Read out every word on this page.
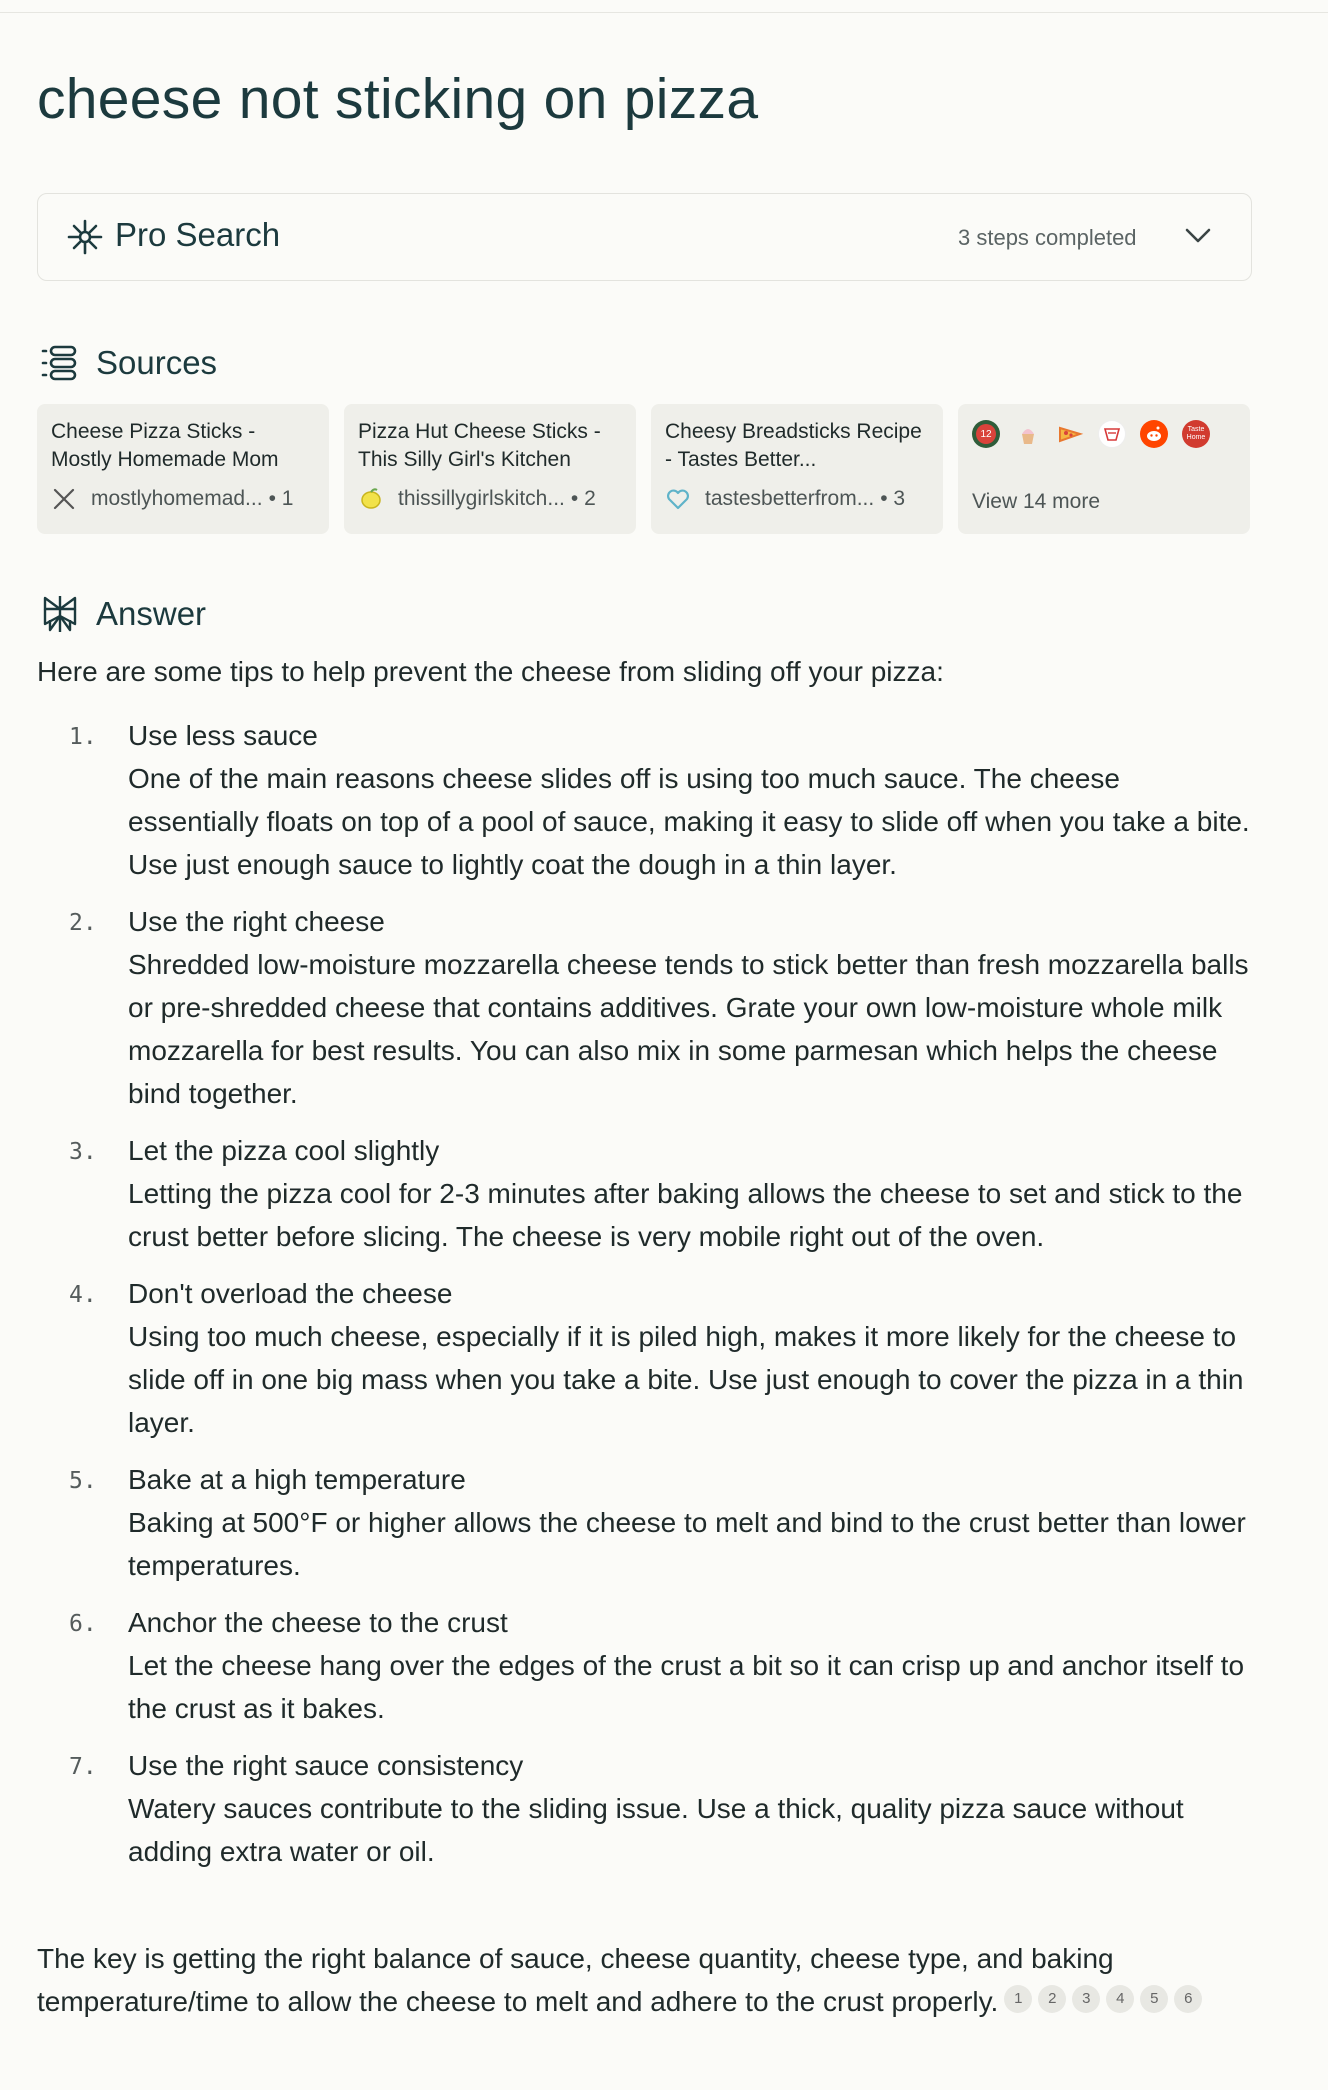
cheese not sticking on pizza
Pro Search	3 steps completed
Sources
Cheese Pizza Sticks - Mostly Homemade Mom
mostlyhomemad... • 1
Pizza Hut Cheese Sticks - This Silly Girl's Kitchen
thissillygirlskitch... • 2
Cheesy Breadsticks Recipe - Tastes Better...
tastesbetterfrom... • 3
12	Taste Home
View 14 more
Answer

Here are some tips to help prevent the cheese from sliding off your pizza:

1. Use less sauce
One of the main reasons cheese slides off is using too much sauce. The cheese essentially floats on top of a pool of sauce, making it easy to slide off when you take a bite. Use just enough sauce to lightly coat the dough in a thin layer.
2. Use the right cheese
Shredded low-moisture mozzarella cheese tends to stick better than fresh mozzarella balls or pre-shredded cheese that contains additives. Grate your own low-moisture whole milk mozzarella for best results. You can also mix in some parmesan which helps the cheese bind together.
3. Let the pizza cool slightly
Letting the pizza cool for 2-3 minutes after baking allows the cheese to set and stick to the crust better before slicing. The cheese is very mobile right out of the oven.
4. Don't overload the cheese
Using too much cheese, especially if it is piled high, makes it more likely for the cheese to slide off in one big mass when you take a bite. Use just enough to cover the pizza in a thin layer.
5. Bake at a high temperature
Baking at 500°F or higher allows the cheese to melt and bind to the crust better than lower temperatures.
6. Anchor the cheese to the crust
Let the cheese hang over the edges of the crust a bit so it can crisp up and anchor itself to the crust as it bakes.
7. Use the right sauce consistency
Watery sauces contribute to the sliding issue. Use a thick, quality pizza sauce without adding extra water or oil.

The key is getting the right balance of sauce, cheese quantity, cheese type, and baking temperature/time to allow the cheese to melt and adhere to the crust properly. 1 2 3 4 5 6
